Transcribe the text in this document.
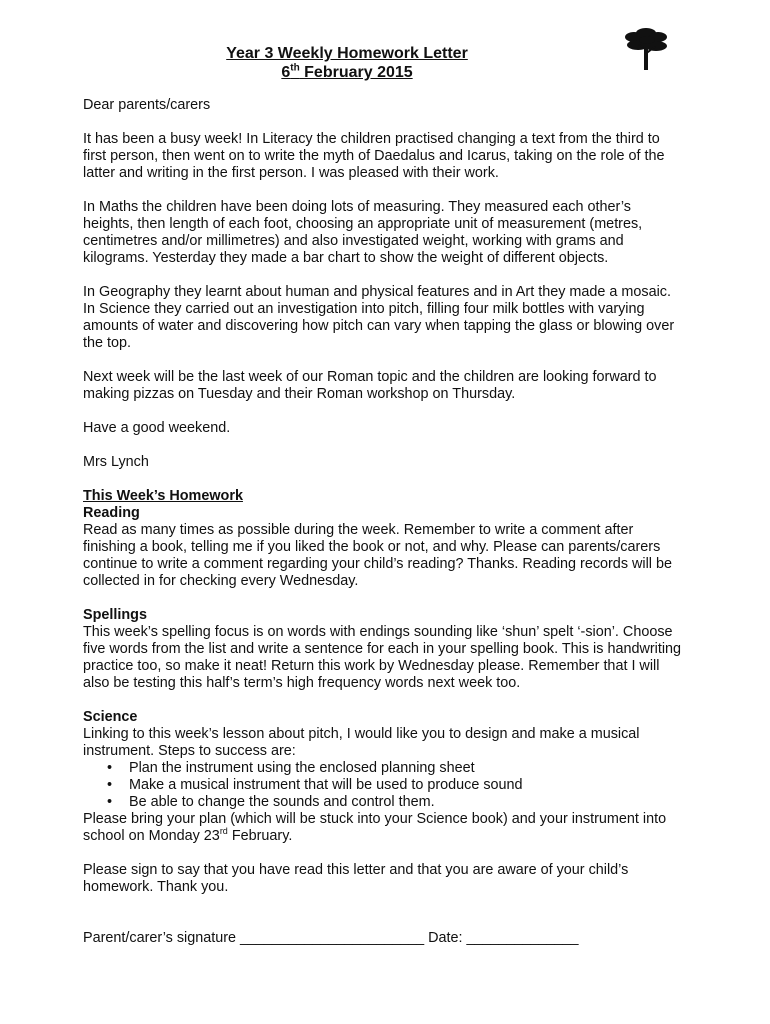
Year 3 Weekly Homework Letter
6th February 2015

Dear parents/carers

It has been a busy week! In Literacy the children practised changing a text from the third to first person, then went on to write the myth of Daedalus and Icarus, taking on the role of the latter and writing in the first person. I was pleased with their work.

In Maths the children have been doing lots of measuring. They measured each other’s heights, then length of each foot, choosing an appropriate unit of measurement (metres, centimetres and/or millimetres) and also investigated weight, working with grams and kilograms. Yesterday they made a bar chart to show the weight of different objects.

In Geography they learnt about human and physical features and in Art they made a mosaic. In Science they carried out an investigation into pitch, filling four milk bottles with varying amounts of water and discovering how pitch can vary when tapping the glass or blowing over the top.

Next week will be the last week of our Roman topic and the children are looking forward to making pizzas on Tuesday and their Roman workshop on Thursday.

Have a good weekend.

Mrs Lynch

This Week’s Homework

Reading

Read as many times as possible during the week. Remember to write a comment after finishing a book, telling me if you liked the book or not, and why. Please can parents/carers continue to write a comment regarding your child’s reading? Thanks. Reading records will be collected in for checking every Wednesday.

Spellings

This week’s spelling focus is on words with endings sounding like ‘shun’ spelt ‘-sion’. Choose five words from the list and write a sentence for each in your spelling book. This is handwriting practice too, so make it neat! Return this work by Wednesday please. Remember that I will also be testing this half’s term’s high frequency words next week too.

Science

Linking to this week’s lesson about pitch, I would like you to design and make a musical instrument. Steps to success are:

• Plan the instrument using the enclosed planning sheet
• Make a musical instrument that will be used to produce sound
• Be able to change the sounds and control them.

Please bring your plan (which will be stuck into your Science book) and your instrument into school on Monday 23rd February.

Please sign to say that you have read this letter and that you are aware of your child’s homework. Thank you.

Parent/carer’s signature _______________________ Date: ______________
